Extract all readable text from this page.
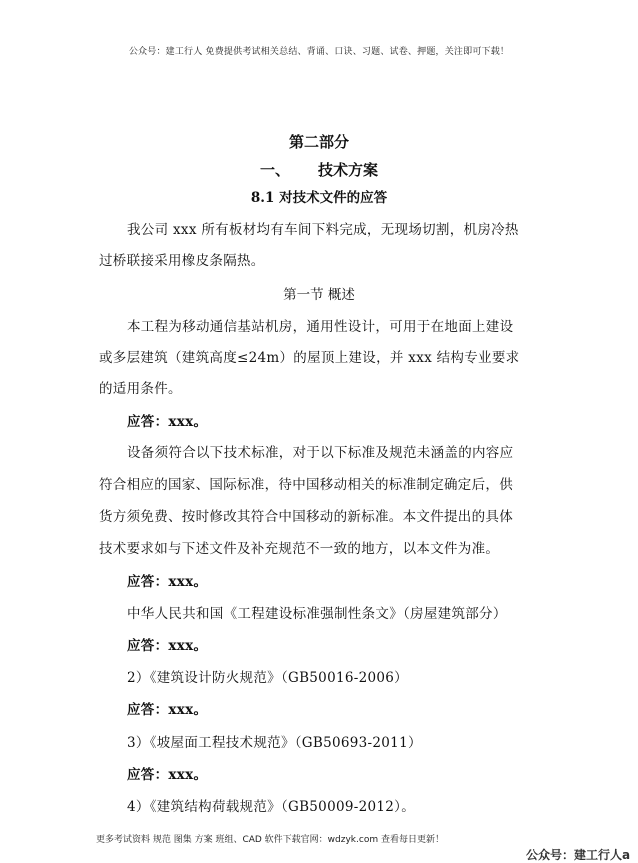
公众号：建工行人 免费提供考试相关总结、背诵、口诀、习题、试卷、押题，关注即可下载！
第二部分
一、 技术方案
8.1 对技术文件的应答
我公司 xxx 所有板材均有车间下料完成，无现场切割，机房冷热
过桥联接采用橡皮条隔热。
第一节 概述
本工程为移动通信基站机房，通用性设计，可用于在地面上建设
或多层建筑（建筑高度≤24m）的屋顶上建设，并 xxx 结构专业要求
的适用条件。
应答：xxx。
设备须符合以下技术标准，对于以下标准及规范未涵盖的内容应
符合相应的国家、国际标准，待中国移动相关的标准制定确定后，供
货方须免费、按时修改其符合中国移动的新标准。本文件提出的具体
技术要求如与下述文件及补充规范不一致的地方，以本文件为准。
应答：xxx。
中华人民共和国《工程建设标准强制性条文》（房屋建筑部分）
应答：xxx。
2）《建筑设计防火规范》（GB50016-2006）
应答：xxx。
3）《坡屋面工程技术规范》（GB50693-2011）
应答：xxx。
4）《建筑结构荷载规范》（GB50009-2012）。
更多考试资料 规范 图集 方案 班组、CAD 软件下载官网：wdzyk.com 查看每日更新！
公众号：建工行人a
